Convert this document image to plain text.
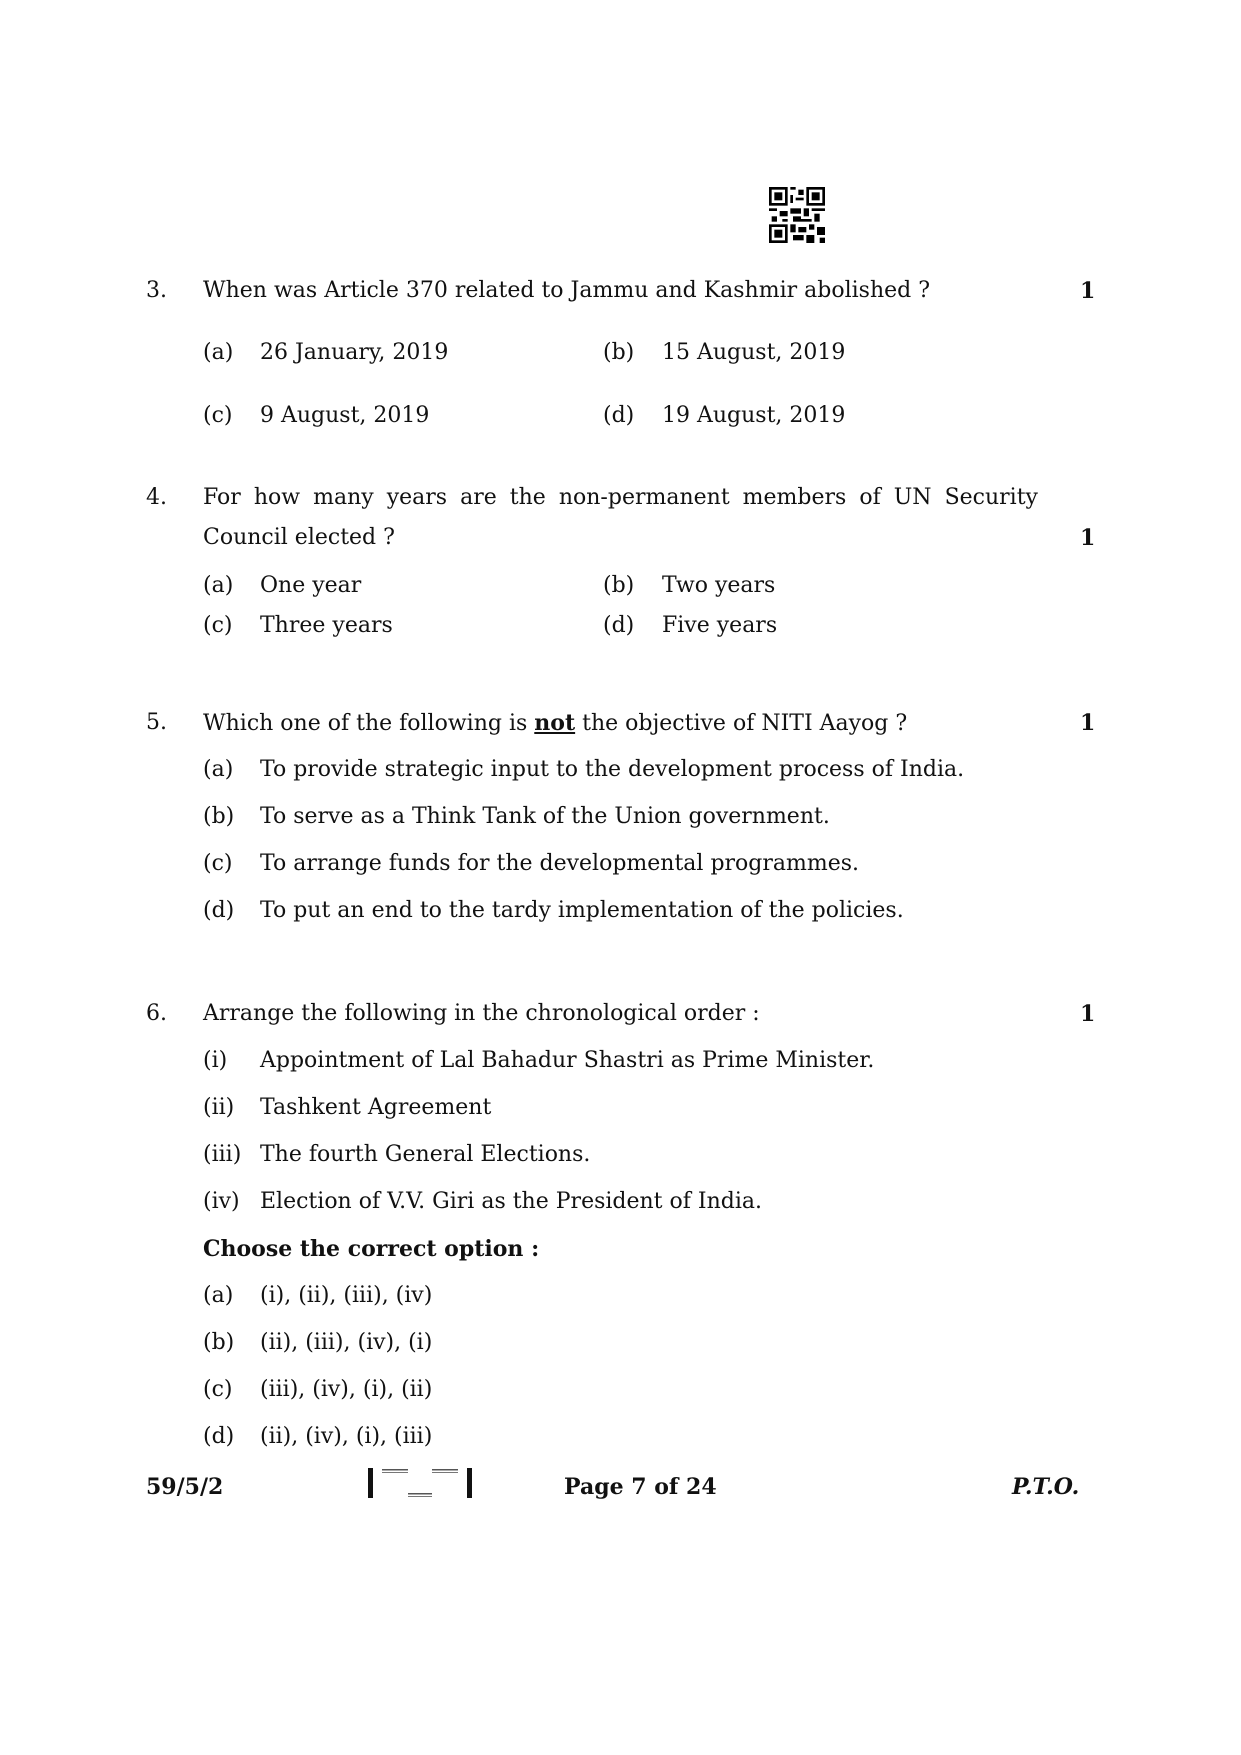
3. When was Article 370 related to Jammu and Kashmir abolished ?	1
(a) 26 January, 2019	(b) 15 August, 2019
(c) 9 August, 2019	(d) 19 August, 2019
4. For how many years are the non-permanent members of UN Security
Council elected ?	1
(a) One year	(b) Two years
(c) Three years	(d) Five years
5. Which one of the following is not the objective of NITI Aayog ?	1
(a) To provide strategic input to the development process of India.
(b) To serve as a Think Tank of the Union government.
(c) To arrange funds for the developmental programmes.
(d) To put an end to the tardy implementation of the policies.
6. Arrange the following in the chronological order :	1
(i) Appointment of Lal Bahadur Shastri as Prime Minister.
(ii) Tashkent Agreement
(iii) The fourth General Elections.
(iv) Election of V.V. Giri as the President of India.
Choose the correct option :
(a) (i), (ii), (iii), (iv)
(b) (ii), (iii), (iv), (i)
(c) (iii), (iv), (i), (ii)
(d) (ii), (iv), (i), (iii)
59/5/2	Page 7 of 24	P.T.O.
